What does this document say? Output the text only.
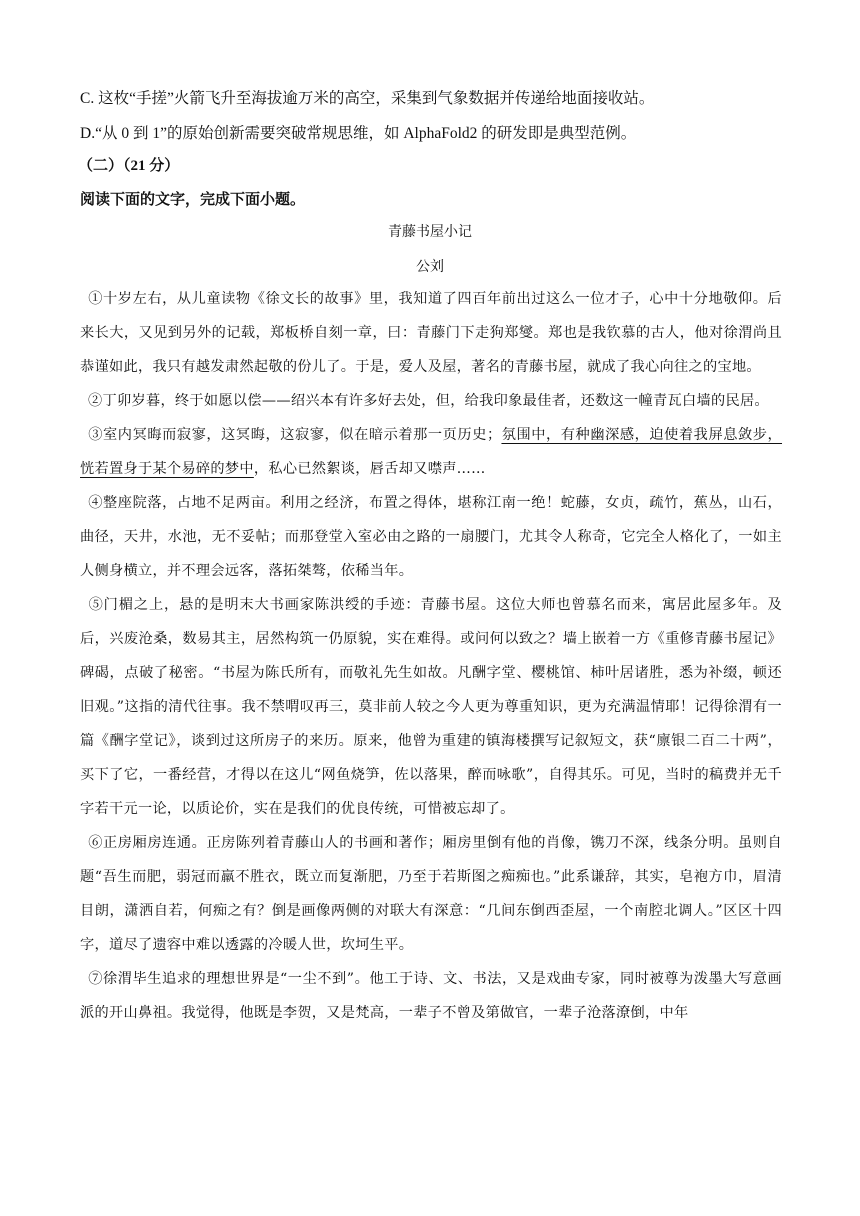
C. 这枚“手搓”火箭飞升至海拔逾万米的高空，采集到气象数据并传递给地面接收站。
D.“从 0 到 1”的原始创新需要突破常规思维，如 AlphaFold2 的研发即是典型范例。
（二）（21 分）
阅读下面的文字，完成下面小题。
青藤书屋小记
公刘

①十岁左右，从儿童读物《徐文长的故事》里，我知道了四百年前出过这么一位才子，心中十分地敬仰。后来长大，又见到另外的记载，郑板桥自刻一章，曰：青藤门下走狗郑燮。郑也是我钦慕的古人，他对徐渭尚且恭谨如此，我只有越发肃然起敬的份儿了。于是，爱人及屋，著名的青藤书屋，就成了我心向往之的宝地。

②丁卯岁暮，终于如愿以偿——绍兴本有许多好去处，但，给我印象最佳者，还数这一幢青瓦白墙的民居。

③室内冥晦而寂寥，这冥晦，这寂寥，似在暗示着那一页历史；氛围中，有种幽深感，迫使着我屏息敛步，恍若置身于某个易碎的梦中，私心已然絮谈，唇舌却又噤声……

④整座院落，占地不足两亩。利用之经济，布置之得体，堪称江南一绝！蛇藤，女贞，疏竹，蕉丛，山石，曲径，天井，水池，无不妥帖；而那登堂入室必由之路的一扇腰门，尤其令人称奇，它完全人格化了，一如主人侧身横立，并不理会远客，落拓桀骜，依稀当年。

⑤门楣之上，悬的是明末大书画家陈洪绶的手迹：青藤书屋。这位大师也曾慕名而来，寓居此屋多年。及后，兴废沧桑，数易其主，居然构筑一仍原貌，实在难得。或问何以致之？墙上嵌着一方《重修青藤书屋记》碑碣，点破了秘密。“书屋为陈氏所有，而敬礼先生如故。凡酬字堂、樱桃馆、柿叶居诸胜，悉为补缀，顿还旧观。”这指的清代往事。我不禁喟叹再三，莫非前人较之今人更为尊重知识，更为充满温情耶！记得徐渭有一篇《酬字堂记》，谈到过这所房子的来历。原来，他曾为重建的镇海楼撰写记叙短文，获“廪银二百二十两”，买下了它，一番经营，才得以在这儿“网鱼烧笋，佐以落果，醉而咏歌”，自得其乐。可见，当时的稿费并无千字若干元一论，以质论价，实在是我们的优良传统，可惜被忘却了。

⑥正房厢房连通。正房陈列着青藤山人的书画和著作；厢房里倒有他的肖像，镌刀不深，线条分明。虽则自题“吾生而肥，弱冠而羸不胜衣，既立而复渐肥，乃至于若斯图之痴痴也。”此系谦辞，其实，皂袍方巾，眉清目朗，潇洒自若，何痴之有？倒是画像两侧的对联大有深意：“几间东倒西歪屋，一个南腔北调人。”区区十四字，道尽了遗容中难以透露的冷暖人世，坎坷生平。

⑦徐渭毕生追求的理想世界是“一尘不到”。他工于诗、文、书法，又是戏曲专家，同时被尊为泼墨大写意画派的开山鼻祖。我觉得，他既是李贺，又是梵高，一辈子不曾及第做官，一辈子沧落潦倒，中年
